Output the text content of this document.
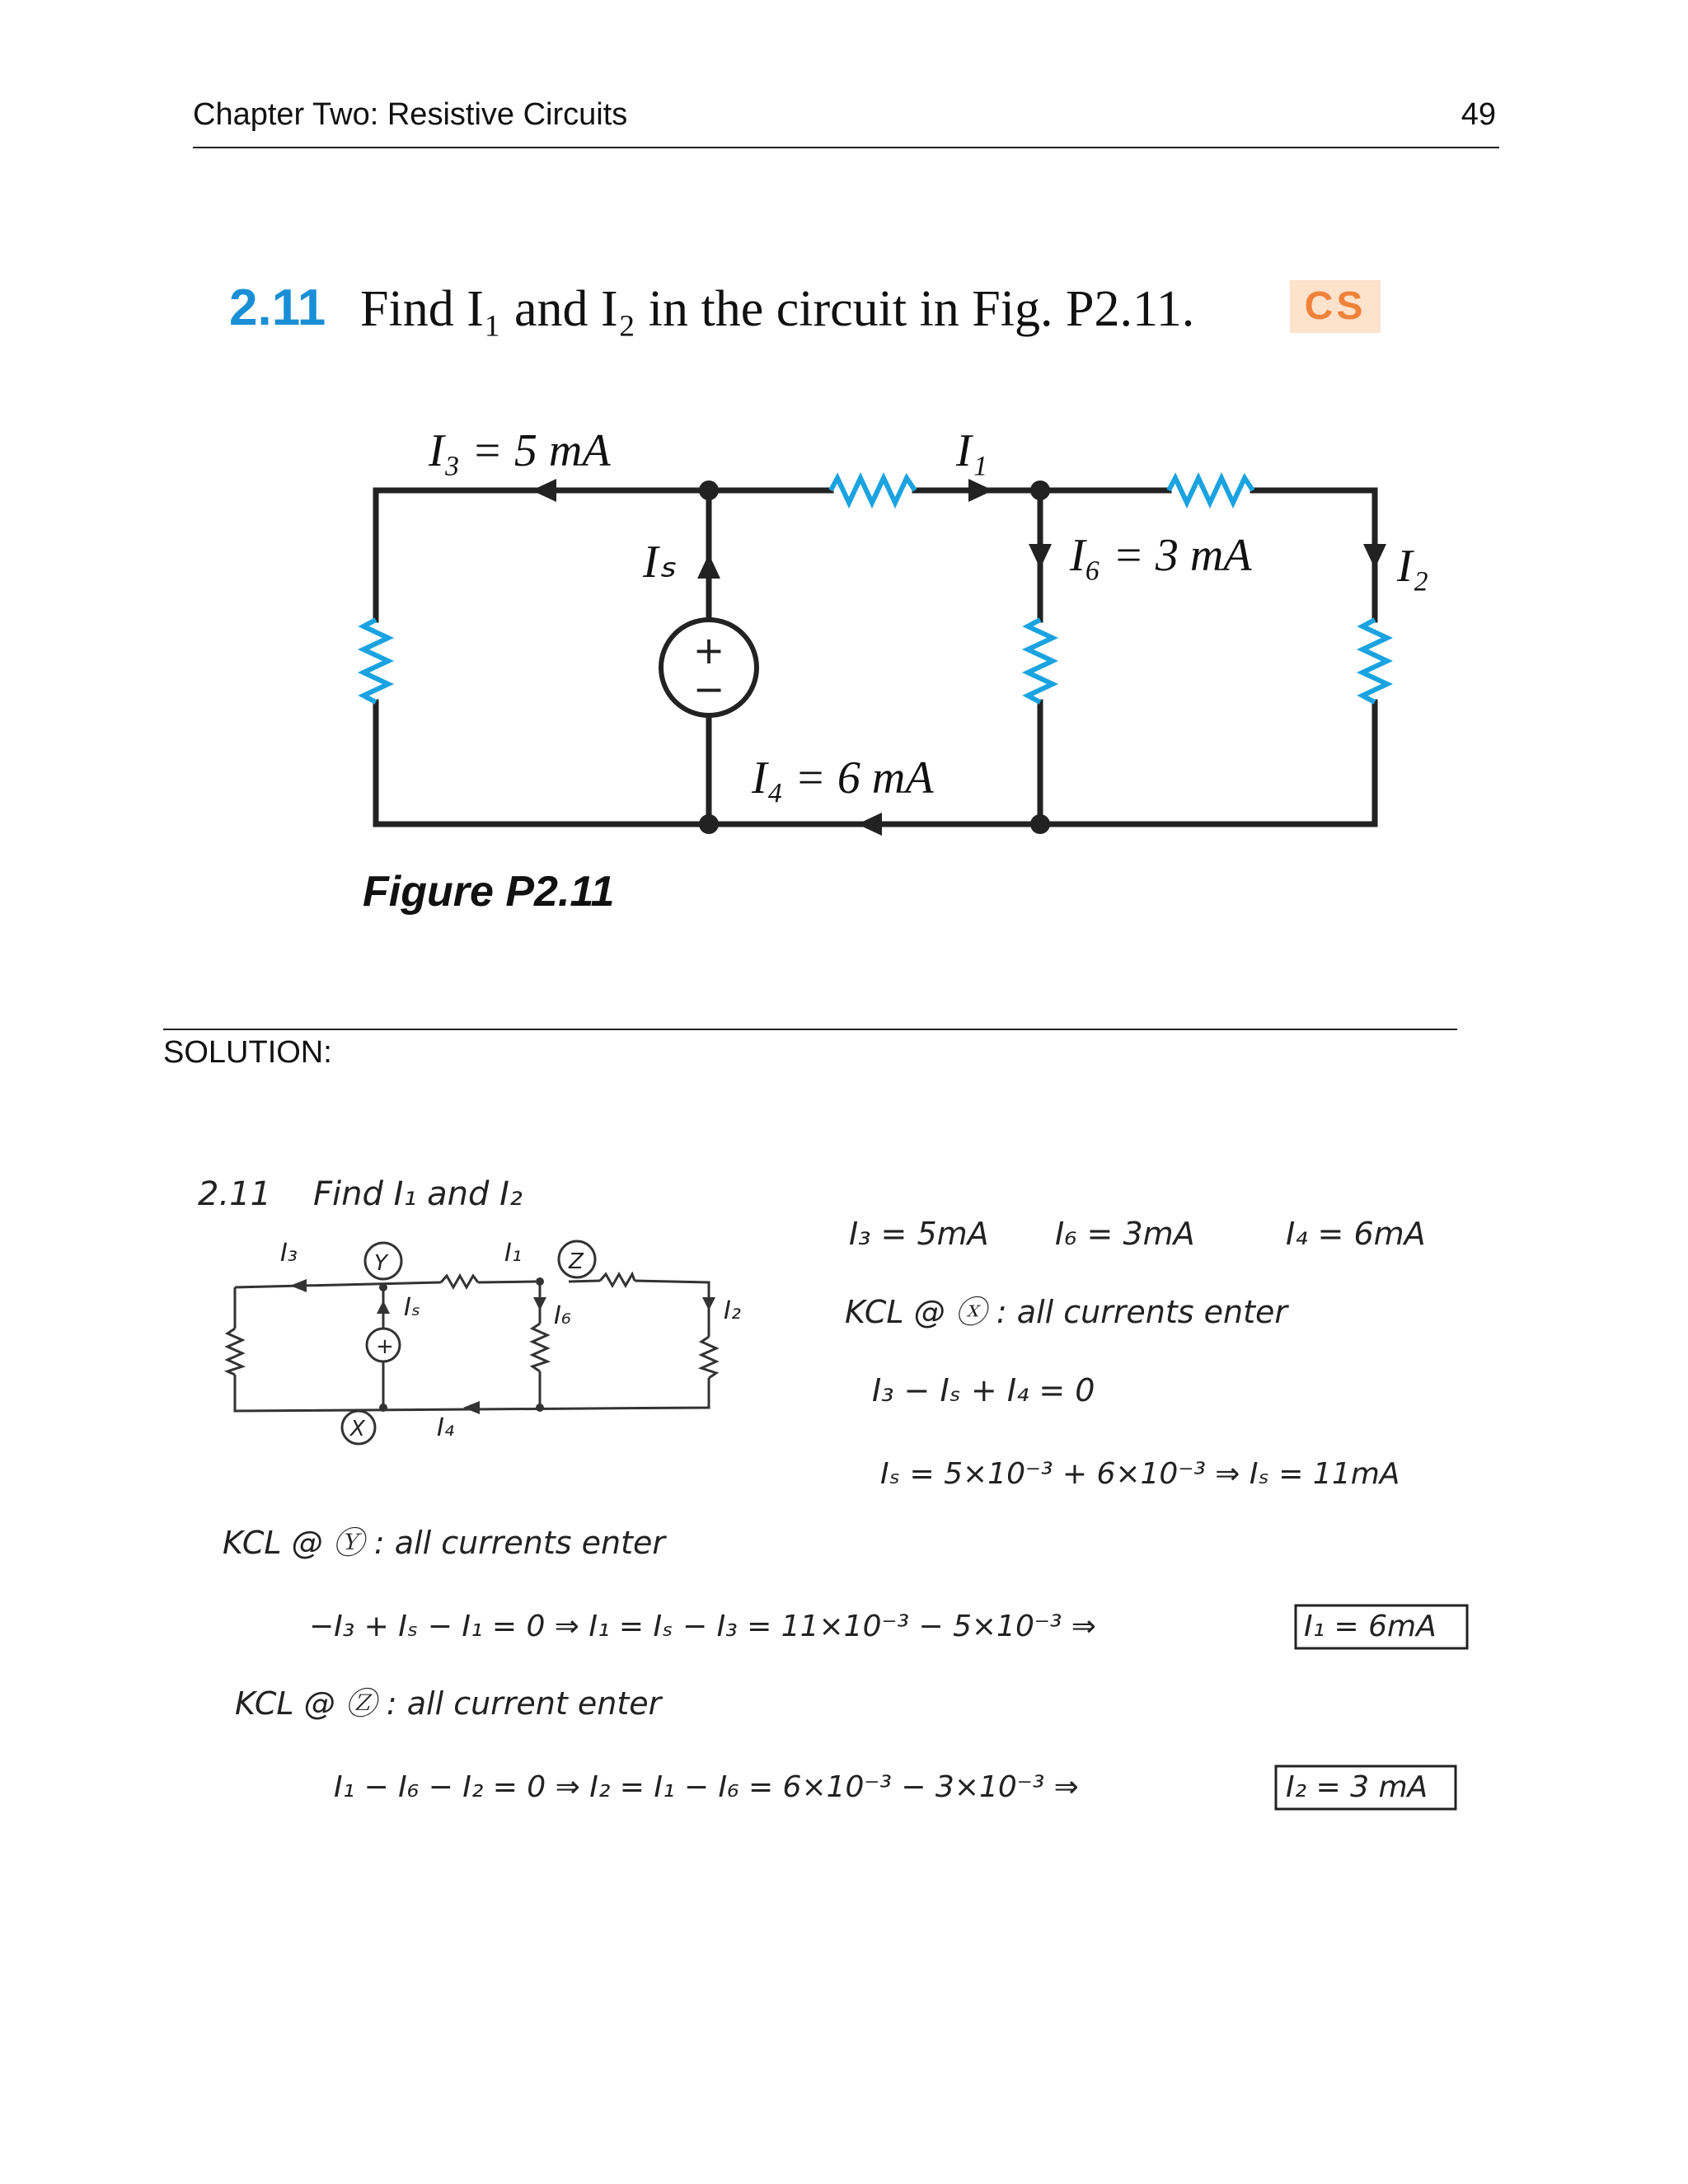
Chapter Two: Resistive Circuits	49
2.11 Find I₁ and I₂ in the circuit in Fig. P2.11.	CS
+
−
I₃ = 5 mA	I₁
Iₛ	I₆ = 3 mA	I₂
I₄ = 6 mA
Figure P2.11
SOLUTION:
2.11 Find I₁ and I₂
I₃	Y	I₁ Z
Iₛ	I₆	I₂
X	I₄
+
I₃ = 5mA I₆ = 3mA	I₄ = 6mA
KCL @ ⓧ : all currents enter
I₃ − Iₛ + I₄ = 0
Iₛ = 5×10⁻³ + 6×10⁻³ ⇒ Iₛ = 11mA
KCL @ Ⓨ : all currents enter
−I₃ + Iₛ − I₁ = 0 ⇒ I₁ = Iₛ − I₃ = 11×10⁻³ − 5×10⁻³ ⇒	I₁ = 6mA
KCL @ Ⓩ : all current enter
I₁ − I₆ − I₂ = 0 ⇒ I₂ = I₁ − I₆ = 6×10⁻³ − 3×10⁻³ ⇒	I₂ = 3 mA
